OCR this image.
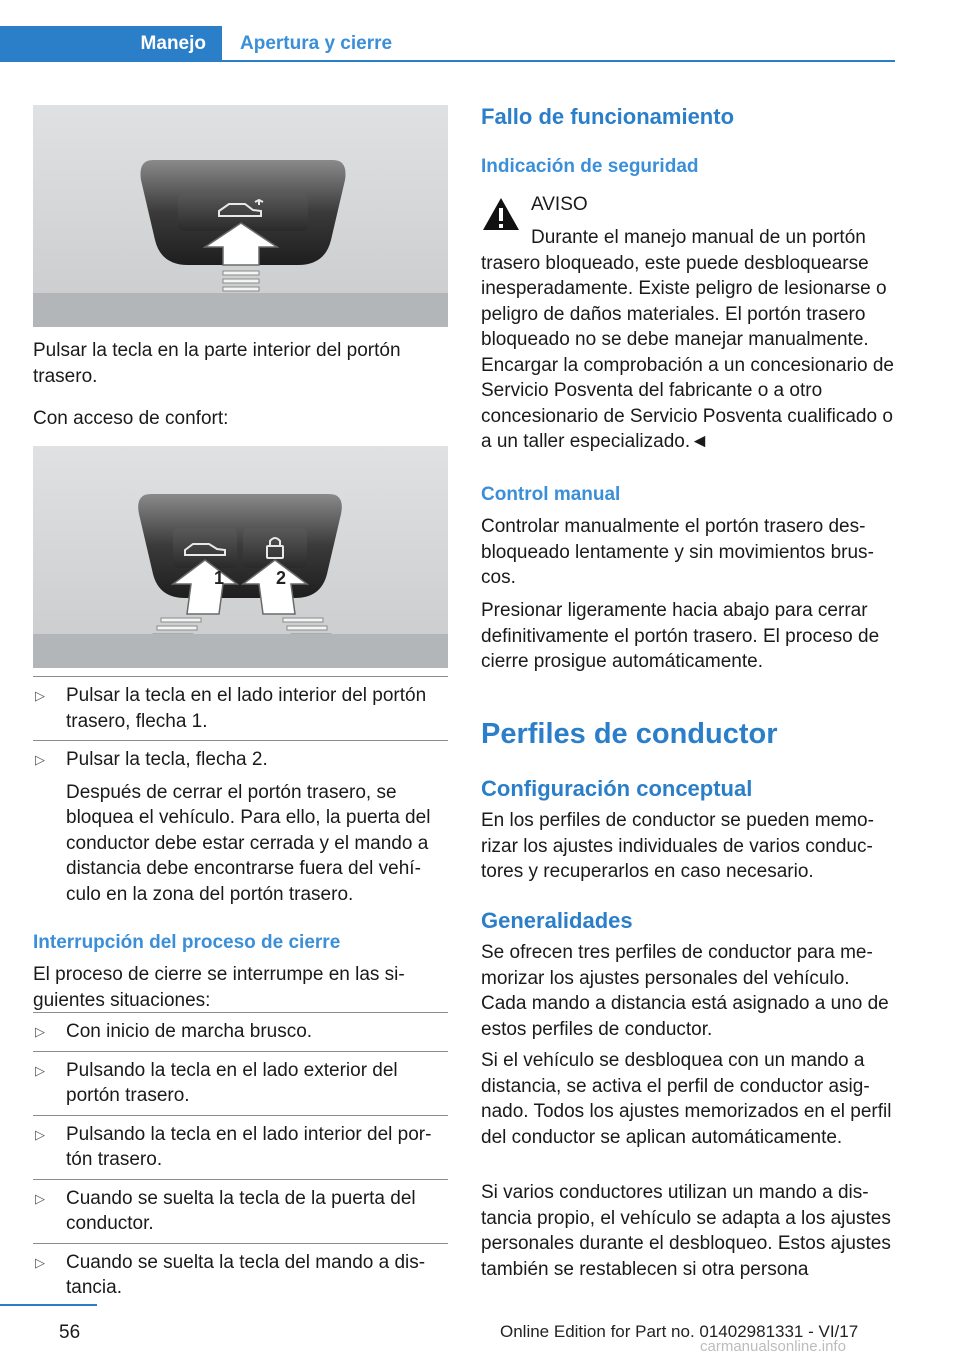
Manejo	Apertura y cierre

Pulsar la tecla en la parte interior del portón trasero.

Con acceso de confort:

1	2
▷ Pulsar la tecla en el lado interior del portón trasero, flecha 1.
▷ Pulsar la tecla, flecha 2.
Después de cerrar el portón trasero, se bloquea el vehículo. Para ello, la puerta del conductor debe estar cerrada y el mando a distancia debe encontrarse fuera del vehículo en la zona del portón trasero.
Interrupción del proceso de cierre

El proceso de cierre se interrumpe en las siguientes situaciones:

▷ Con inicio de marcha brusco.
▷ Pulsando la tecla en el lado exterior del portón trasero.
▷ Pulsando la tecla en el lado interior del portón trasero.
▷ Cuando se suelta la tecla de la puerta del conductor.
▷ Cuando se suelta la tecla del mando a distancia.
Fallo de funcionamiento
Indicación de seguridad
AVISO

Durante el manejo manual de un portón trasero bloqueado, este puede desbloquearse inesperadamente. Existe peligro de lesionarse o peligro de daños materiales. El portón trasero bloqueado no se debe manejar manualmente. Encargar la comprobación a un concesionario de Servicio Posventa del fabricante o a otro concesionario de Servicio Posventa cualificado o a un taller especializado.◄

Control manual

Controlar manualmente el portón trasero desbloqueado lentamente y sin movimientos bruscos.

Presionar ligeramente hacia abajo para cerrar definitivamente el portón trasero. El proceso de cierre prosigue automáticamente.

Perfiles de conductor
Configuración conceptual

En los perfiles de conductor se pueden memorizar los ajustes individuales de varios conductores y recuperarlos en caso necesario.

Generalidades

Se ofrecen tres perfiles de conductor para memorizar los ajustes personales del vehículo. Cada mando a distancia está asignado a uno de estos perfiles de conductor.

Si el vehículo se desbloquea con un mando a distancia, se activa el perfil de conductor asignado. Todos los ajustes memorizados en el perfil del conductor se aplican automáticamente.

Si varios conductores utilizan un mando a distancia propio, el vehículo se adapta a los ajustes personales durante el desbloqueo. Estos ajustes también se restablecen si otra persona

56	Online Edition for Part no. 01402981331 - VI/17
carmanualsonline.info
